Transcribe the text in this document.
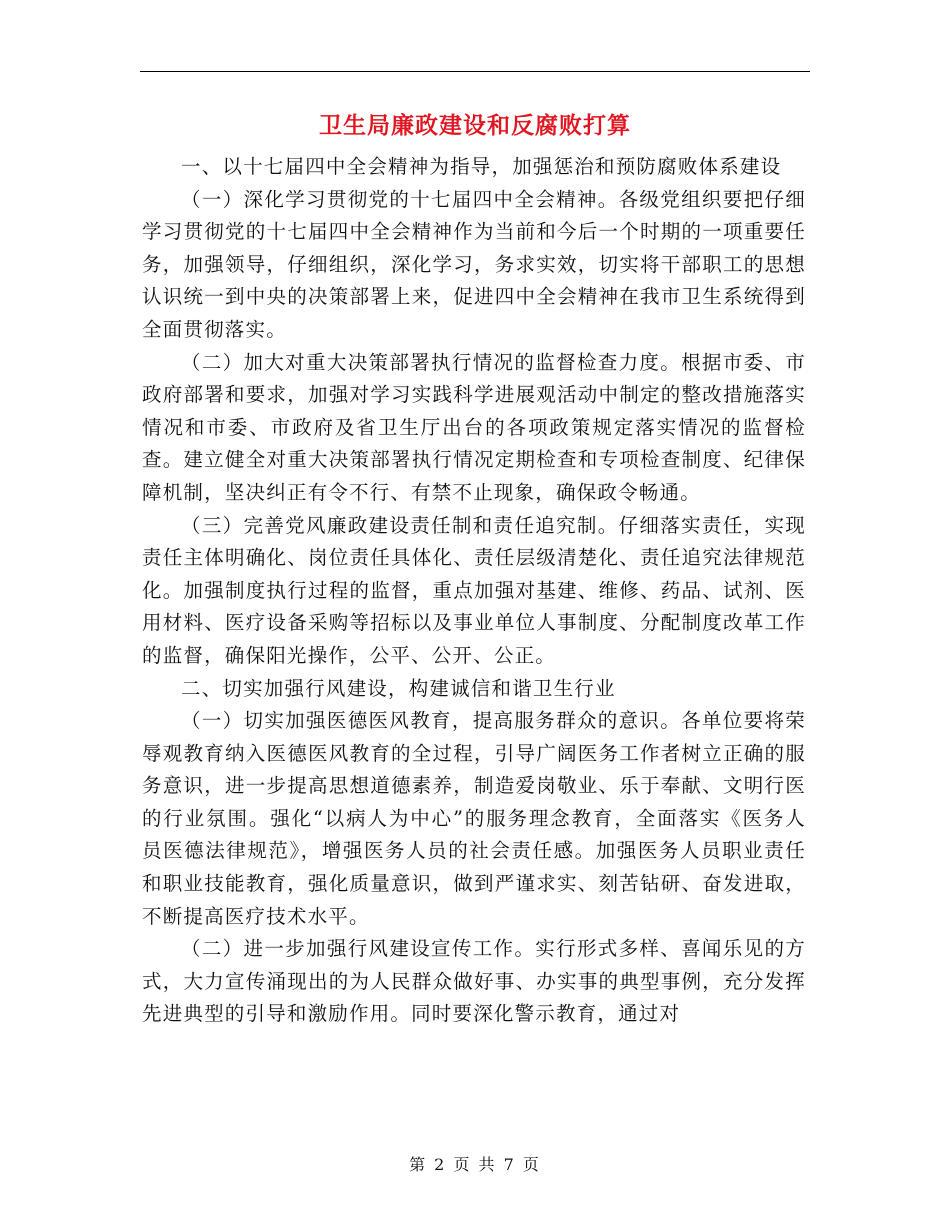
卫生局廉政建设和反腐败打算

一、以十七届四中全会精神为指导，加强惩治和预防腐败体系建设

（一）深化学习贯彻党的十七届四中全会精神。各级党组织要把仔细学习贯彻党的十七届四中全会精神作为当前和今后一个时期的一项重要任务，加强领导，仔细组织，深化学习，务求实效，切实将干部职工的思想认识统一到中央的决策部署上来，促进四中全会精神在我市卫生系统得到全面贯彻落实。

（二）加大对重大决策部署执行情况的监督检查力度。根据市委、市政府部署和要求，加强对学习实践科学进展观活动中制定的整改措施落实情况和市委、市政府及省卫生厅出台的各项政策规定落实情况的监督检查。建立健全对重大决策部署执行情况定期检查和专项检查制度、纪律保障机制，坚决纠正有令不行、有禁不止现象，确保政令畅通。

（三）完善党风廉政建设责任制和责任追究制。仔细落实责任，实现责任主体明确化、岗位责任具体化、责任层级清楚化、责任追究法律规范化。加强制度执行过程的监督，重点加强对基建、维修、药品、试剂、医用材料、医疗设备采购等招标以及事业单位人事制度、分配制度改革工作的监督，确保阳光操作，公平、公开、公正。

二、切实加强行风建设，构建诚信和谐卫生行业

（一）切实加强医德医风教育，提高服务群众的意识。各单位要将荣辱观教育纳入医德医风教育的全过程，引导广阔医务工作者树立正确的服务意识，进一步提高思想道德素养，制造爱岗敬业、乐于奉献、文明行医的行业氛围。强化“以病人为中心”的服务理念教育，全面落实《医务人员医德法律规范》，增强医务人员的社会责任感。加强医务人员职业责任和职业技能教育，强化质量意识，做到严谨求实、刻苦钻研、奋发进取，不断提高医疗技术水平。

（二）进一步加强行风建设宣传工作。实行形式多样、喜闻乐见的方式，大力宣传涌现出的为人民群众做好事、办实事的典型事例，充分发挥先进典型的引导和激励作用。同时要深化警示教育，通过对

第 2 页 共 7 页
